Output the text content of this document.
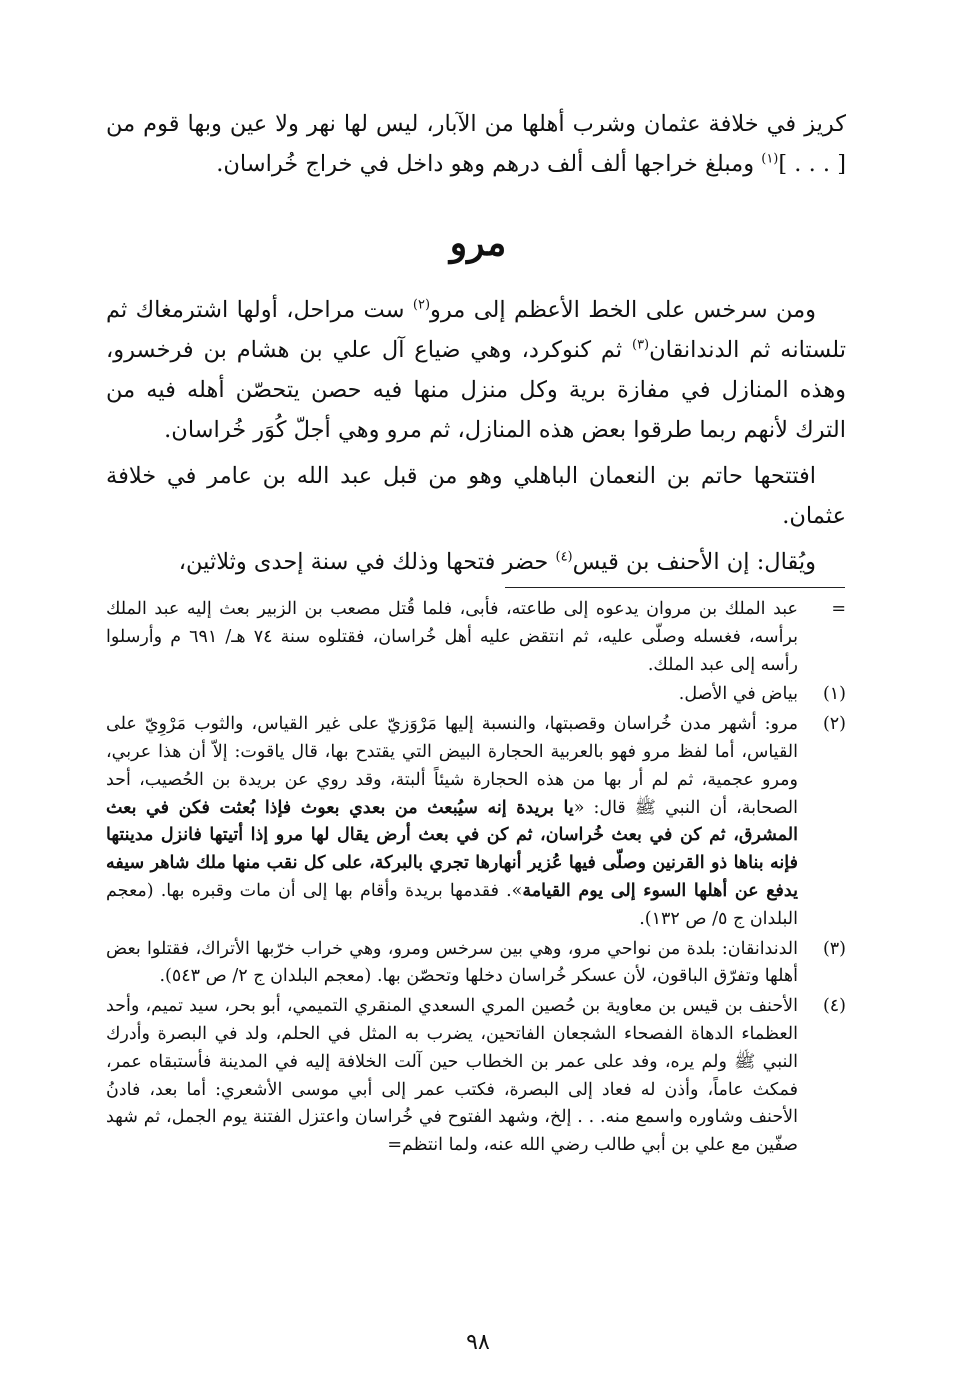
كريز في خلافة عثمان وشرب أهلها من الآبار، ليس لها نهر ولا عين وبها قوم من [ . . . ]$^{(١)}$ ومبلغ خراجها ألف ألف درهم وهو داخل في خراج خُراسان.

مرو

ومن سرخس على الخط الأعظم إلى مرو$^{(٢)}$ ست مراحل، أولها اشترمغاك ثم تلستانه ثم الدندانقان$^{(٣)}$ ثم كنوكرد، وهي ضياع آل علي بن هشام بن فرخسرو، وهذه المنازل في مفازة برية وكل منزل منها فيه حصن يتحصّن أهله فيه من الترك لأنهم ربما طرقوا بعض هذه المنازل، ثم مرو وهي أجلّ كُوَر خُراسان.

افتتحها حاتم بن النعمان الباهلي وهو من قبل عبد الله بن عامر في خلافة عثمان.

ويُقال: إن الأحنف بن قيس$^{(٤)}$ حضر فتحها وذلك في سنة إحدى وثلاثين،

=
عبد الملك بن مروان يدعوه إلى طاعته، فأبى، فلما قُتل مصعب بن الزبير بعث إليه عبد الملك برأسه، فغسله وصلّى عليه، ثم انتقض عليه أهل خُراسان، فقتلوه سنة ٧٤ هـ/ ٦٩١ م وأرسلوا رأسه إلى عبد الملك.
(١)
بياض في الأصل.
(٢)
مرو: أشهر مدن خُراسان وقصبتها، والنسبة إليها مَرْوَزيّ على غير القياس، والثوب مَرْوِيّ على القياس، أما لفظ مرو فهو بالعربية الحجارة البيض التي يقتدح بها، قال ياقوت: إلاّ أن هذا عربي، ومرو عجمية، ثم لم أر بها من هذه الحجارة شيئاً ألبتة، وقد روي عن بريدة بن الحُصيب، أحد الصحابة، أن النبي ﷺ قال: «يا بريدة إنه سيُبعث من بعدي بعوث فإذا بُعثت فكن في بعث المشرق، ثم كن في بعث خُراسان، ثم كن في بعث أرض يقال لها مرو إذا أتيتها فانزل مدينتها فإنه بناها ذو القرنين وصلّى فيها عُزير أنهارها تجري بالبركة، على كل نقب منها ملك شاهر سيفه يدفع عن أهلها السوء إلى يوم القيامة». فقدمها بريدة وأقام بها إلى أن مات وقبره بها. (معجم البلدان ج ٥/ ص ١٣٢).
(٣)
الدندانقان: بلدة من نواحي مرو، وهي بين سرخس ومرو، وهي خراب خرّبها الأتراك، فقتلوا بعض أهلها وتفرّق الباقون، لأن عسكر خُراسان دخلها وتحصّن بها. (معجم البلدان ج ٢/ ص ٥٤٣).
(٤)
الأحنف بن قيس بن معاوية بن حُصين المري السعدي المنقري التميمي، أبو بحر، سيد تميم، وأحد العظماء الدهاة الفصحاء الشجعان الفاتحين، يضرب به المثل في الحلم، ولد في البصرة وأدرك النبي ﷺ ولم يره، وفد على عمر بن الخطاب حين آلت الخلافة إليه في المدينة فأستبقاه عمر، فمكث عاماً، وأذن له فعاد إلى البصرة، فكتب عمر إلى أبي موسى الأشعري: أما بعد، فادنُ الأحنف وشاوره واسمع منه. . . إلخ، وشهد الفتوح في خُراسان واعتزل الفتنة يوم الجمل، ثم شهد صفّين مع علي بن أبي طالب رضي الله عنه، ولما انتظم=
٩٨
